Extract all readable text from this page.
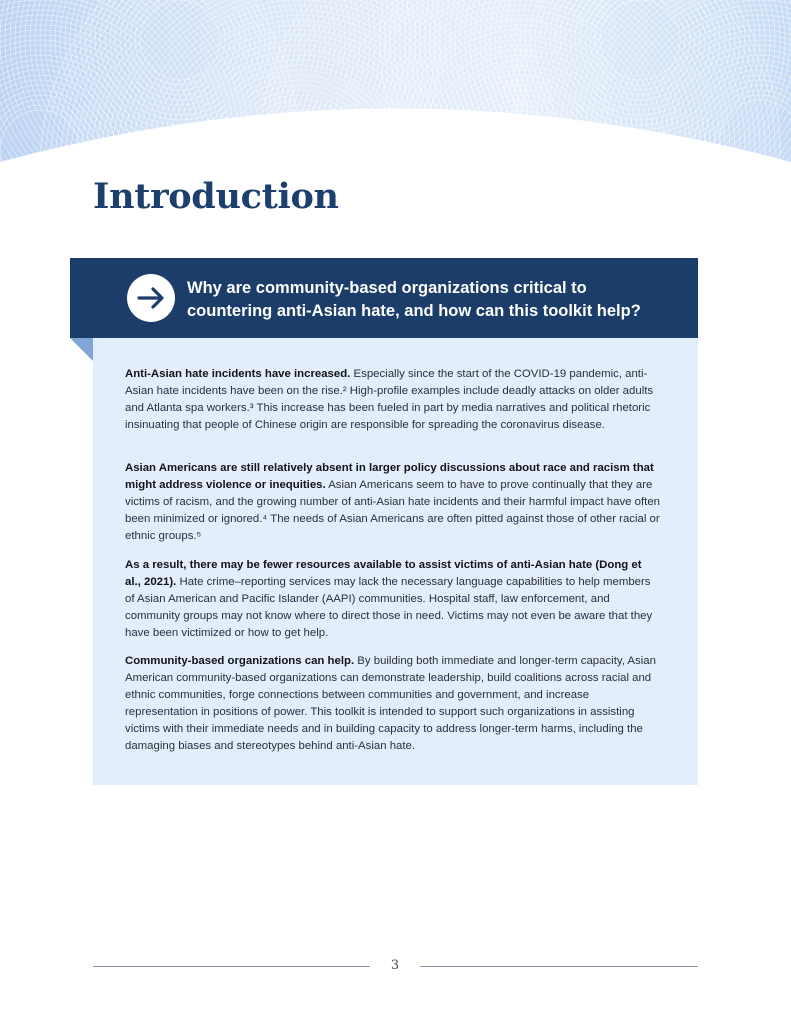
Introduction

Why are community-based organizations critical to countering anti-Asian hate, and how can this toolkit help?

Anti-Asian hate incidents have increased. Especially since the start of the COVID-19 pandemic, anti-Asian hate incidents have been on the rise.² High-profile examples include deadly attacks on older adults and Atlanta spa workers.³ This increase has been fueled in part by media narratives and political rhetoric insinuating that people of Chinese origin are responsible for spreading the coronavirus disease.

Asian Americans are still relatively absent in larger policy discussions about race and racism that might address violence or inequities. Asian Americans seem to have to prove continually that they are victims of racism, and the growing number of anti-Asian hate incidents and their harmful impact have often been minimized or ignored.⁴ The needs of Asian Americans are often pitted against those of other racial or ethnic groups.⁵

As a result, there may be fewer resources available to assist victims of anti-Asian hate (Dong et al., 2021). Hate crime–reporting services may lack the necessary language capabilities to help members of Asian American and Pacific Islander (AAPI) communities. Hospital staff, law enforcement, and community groups may not know where to direct those in need. Victims may not even be aware that they have been victimized or how to get help.

Community-based organizations can help. By building both immediate and longer-term capacity, Asian American community-based organizations can demonstrate leadership, build coalitions across racial and ethnic communities, forge connections between communities and government, and increase representation in positions of power. This toolkit is intended to support such organizations in assisting victims with their immediate needs and in building capacity to address longer-term harms, including the damaging biases and stereotypes behind anti-Asian hate.

3
